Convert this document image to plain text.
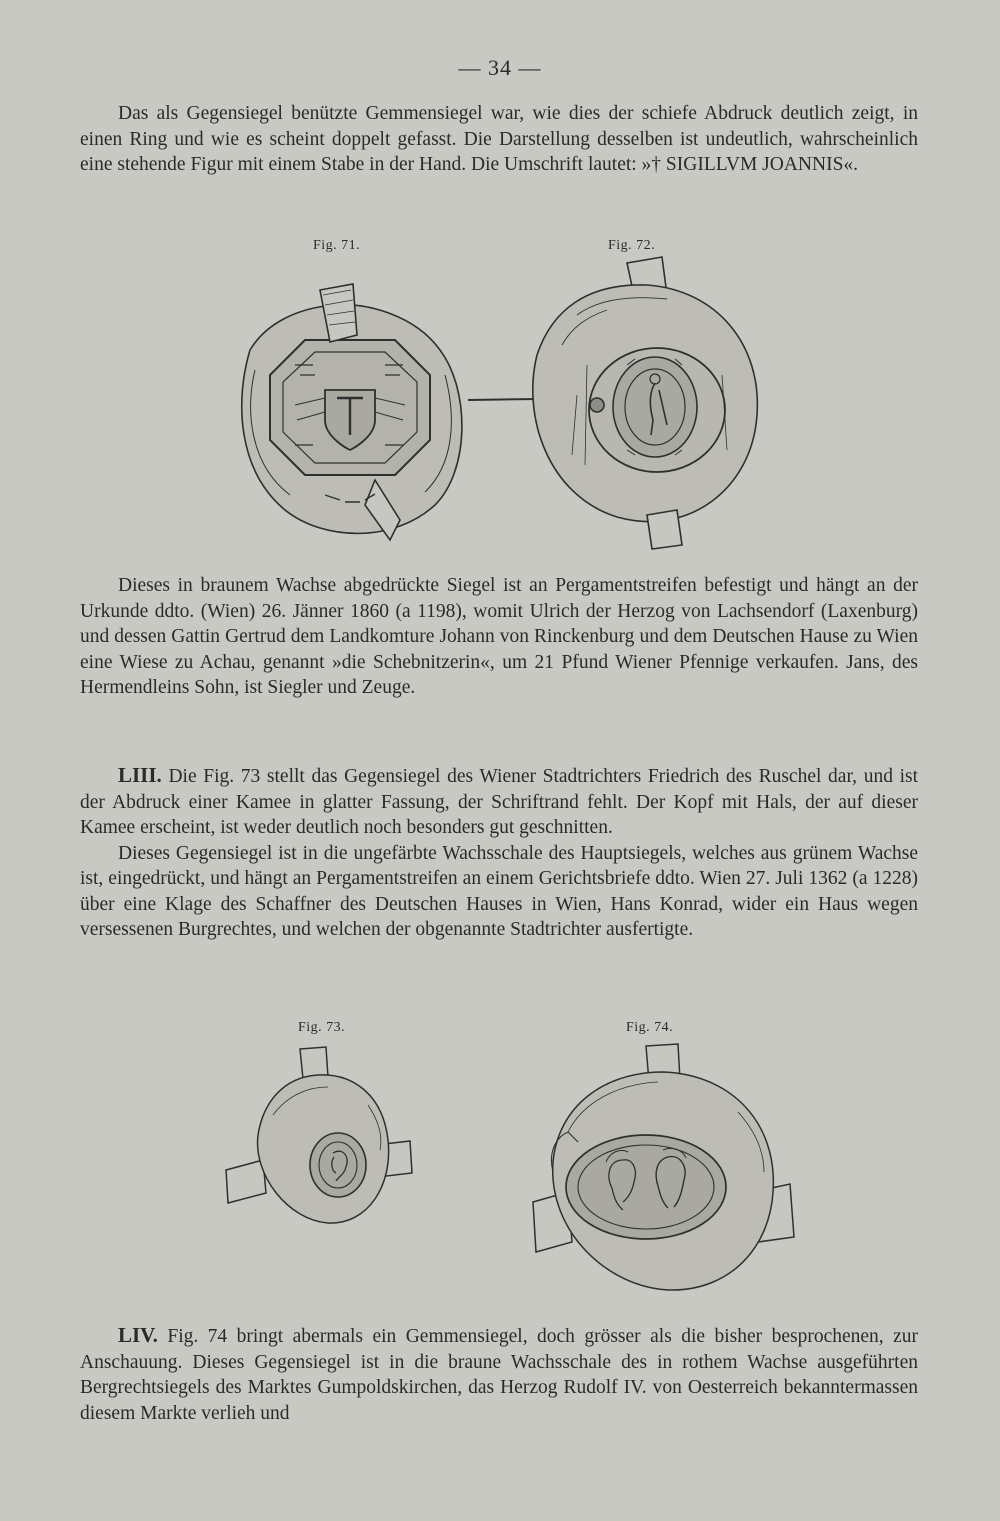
— 34 —

Das als Gegensiegel benützte Gemmensiegel war, wie dies der schiefe Abdruck deutlich zeigt, in einen Ring und wie es scheint doppelt gefasst. Die Darstellung desselben ist undeutlich, wahrscheinlich eine stehende Figur mit einem Stabe in der Hand. Die Umschrift lautet: »† SIGILLVM JOANNIS«.

Fig. 71.	Fig. 72.

Dieses in braunem Wachse abgedrückte Siegel ist an Pergamentstreifen befestigt und hängt an der Urkunde ddto. (Wien) 26. Jänner 1860 (a 1198), womit Ulrich der Herzog von Lachsendorf (Laxenburg) und dessen Gattin Gertrud dem Landkomture Johann von Rinckenburg und dem Deutschen Hause zu Wien eine Wiese zu Achau, genannt »die Schebnitzerin«, um 21 Pfund Wiener Pfennige verkaufen. Jans, des Hermendleins Sohn, ist Siegler und Zeuge.

LIII. Die Fig. 73 stellt das Gegensiegel des Wiener Stadtrichters Friedrich des Ruschel dar, und ist der Abdruck einer Kamee in glatter Fassung, der Schriftrand fehlt. Der Kopf mit Hals, der auf dieser Kamee erscheint, ist weder deutlich noch besonders gut geschnitten.

Dieses Gegensiegel ist in die ungefärbte Wachsschale des Hauptsiegels, welches aus grünem Wachse ist, eingedrückt, und hängt an Pergamentstreifen an einem Gerichtsbriefe ddto. Wien 27. Juli 1362 (a 1228) über eine Klage des Schaffner des Deutschen Hauses in Wien, Hans Konrad, wider ein Haus wegen versessenen Burgrechtes, und welchen der obgenannte Stadtrichter ausfertigte.

Fig. 73.	Fig. 74.

LIV. Fig. 74 bringt abermals ein Gemmensiegel, doch grösser als die bisher besprochenen, zur Anschauung. Dieses Gegensiegel ist in die braune Wachsschale des in rothem Wachse ausgeführten Bergrechtsiegels des Marktes Gumpoldskirchen, das Herzog Rudolf IV. von Oesterreich bekanntermassen diesem Markte verlieh und
